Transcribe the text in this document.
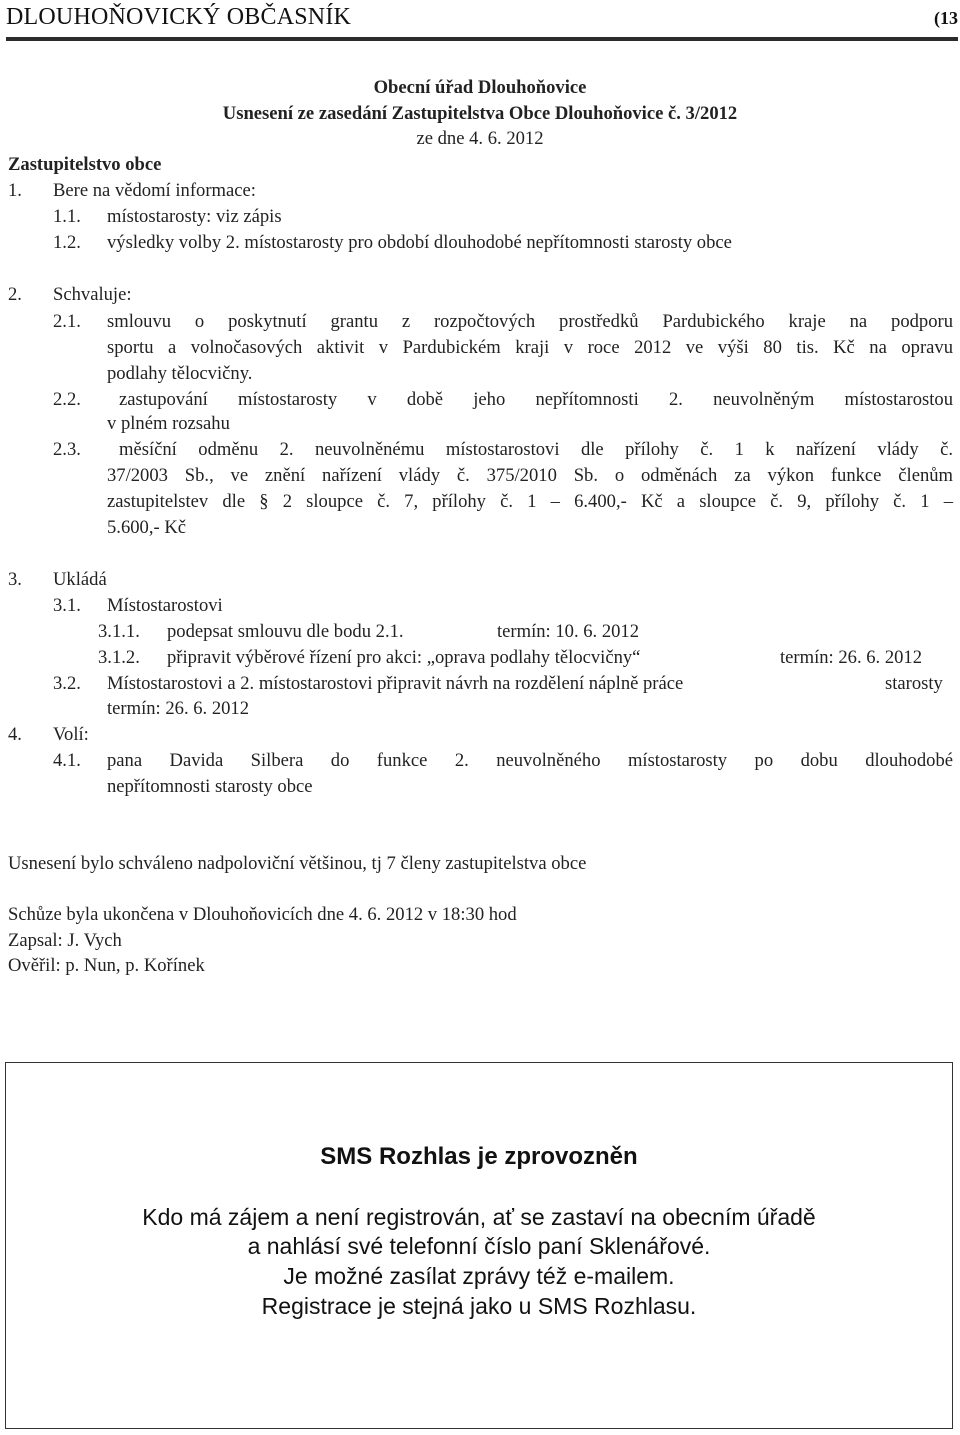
DLOUHOŇOVICKÝ OBČASNÍK	(13
Obecní úřad Dlouhoňovice
Usnesení ze zasedání Zastupitelstva Obce Dlouhoňovice č. 3/2012
ze dne 4. 6. 2012
Zastupitelstvo obce
1. Bere na vědomí informace:
1.1. místostarosty: viz zápis
1.2. výsledky volby 2. místostarosty pro období dlouhodobé nepřítomnosti starosty obce
2. Schvaluje:
2.1. smlouvu o poskytnutí grantu z rozpočtových prostředků Pardubického kraje na podporu
sportu a volnočasových aktivit v Pardubickém kraji v roce 2012 ve výši 80 tis. Kč na opravu
podlahy tělocvičny.
2.2. zastupování místostarosty v době jeho nepřítomnosti 2. neuvolněným místostarostou
v plném rozsahu
2.3. měsíční odměnu 2. neuvolněnému místostarostovi dle přílohy č. 1 k nařízení vlády č.
37/2003 Sb., ve znění nařízení vlády č. 375/2010 Sb. o odměnách za výkon funkce členům
zastupitelstev dle § 2 sloupce č. 7, přílohy č. 1 – 6.400,- Kč a sloupce č. 9, přílohy č. 1 –
5.600,- Kč
3. Ukládá
3.1. Místostarostovi
3.1.1. podepsat smlouvu dle bodu 2.1.	termín: 10. 6. 2012
3.1.2. připravit výběrové řízení pro akci: „oprava podlahy tělocvičny“	termín: 26. 6. 2012
3.2. Místostarostovi a 2. místostarostovi připravit návrh na rozdělení náplně práce	starosty
termín: 26. 6. 2012
4. Volí:
4.1. pana Davida Silbera do funkce 2. neuvolněného místostarosty po dobu dlouhodobé
nepřítomnosti starosty obce
Usnesení bylo schváleno nadpoloviční většinou, tj 7 členy zastupitelstva obce
Schůze byla ukončena v Dlouhoňovicích dne 4. 6. 2012 v 18:30 hod
Zapsal: J. Vych
Ověřil: p. Nun, p. Kořínek
SMS Rozhlas je zprovozněn
Kdo má zájem a není registrován, ať se zastaví na obecním úřadě
a nahlásí své telefonní číslo paní Sklenářové.
Je možné zasílat zprávy též e-mailem.
Registrace je stejná jako u SMS Rozhlasu.
